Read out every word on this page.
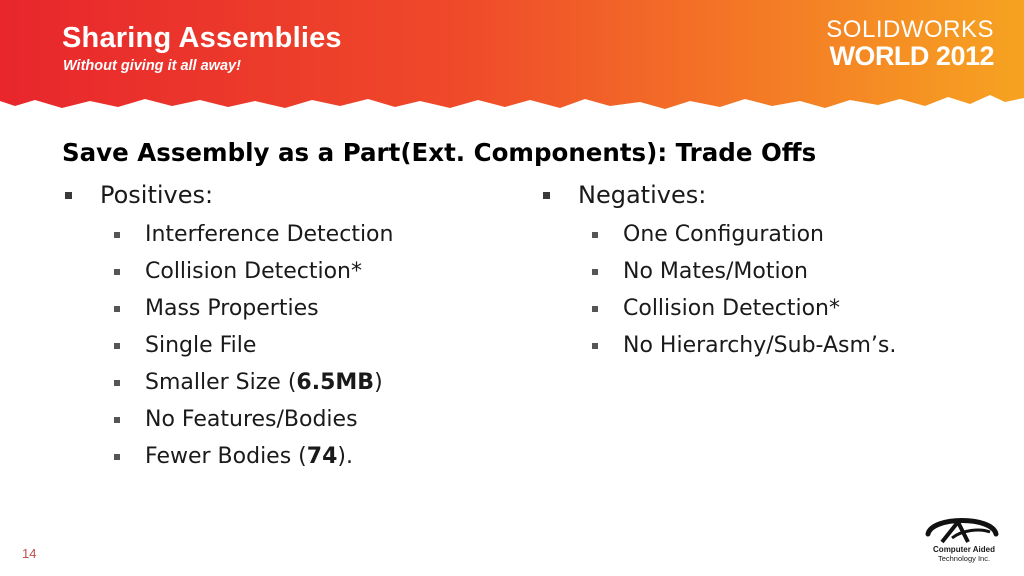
Sharing Assemblies
Without giving it all away!
SOLIDWORKS
WORLD 2012
Save Assembly as a Part(Ext. Components): Trade Offs
Positives:
Interference Detection
Collision Detection*
Mass Properties
Single File
Smaller Size (6.5MB)
No Features/Bodies
Fewer Bodies (74).
Negatives:
One Configuration
No Mates/Motion
Collision Detection*
No Hierarchy/Sub-Asm’s.
14	Computer Aided
Technology Inc.
